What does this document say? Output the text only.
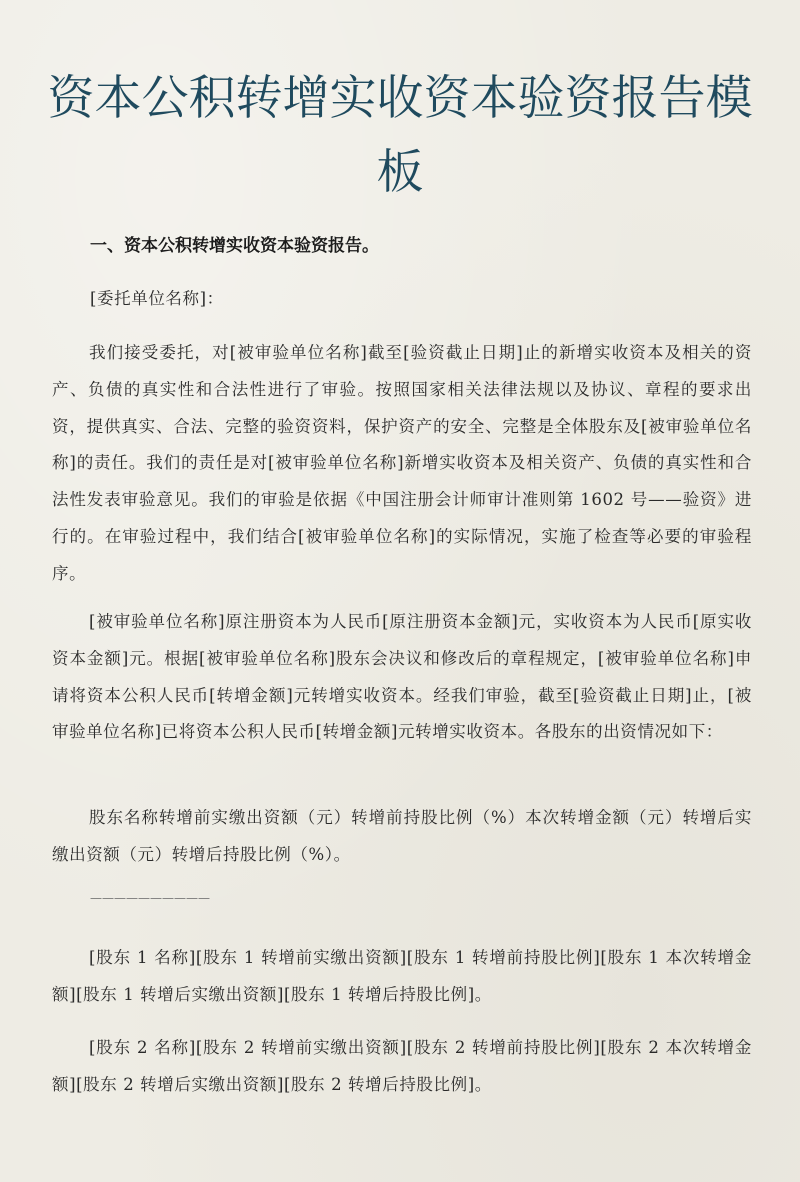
资本公积转增实收资本验资报告模板
一、资本公积转增实收资本验资报告。

[委托单位名称]：

我们接受委托，对[被审验单位名称]截至[验资截止日期]止的新增实收资本及相关的资产、负债的真实性和合法性进行了审验。按照国家相关法律法规以及协议、章程的要求出资，提供真实、合法、完整的验资资料，保护资产的安全、完整是全体股东及[被审验单位名称]的责任。我们的责任是对[被审验单位名称]新增实收资本及相关资产、负债的真实性和合法性发表审验意见。我们的审验是依据《中国注册会计师审计准则第 1602 号——验资》进行的。在审验过程中，我们结合[被审验单位名称]的实际情况，实施了检查等必要的审验程序。

[被审验单位名称]原注册资本为人民币[原注册资本金额]元，实收资本为人民币[原实收资本金额]元。根据[被审验单位名称]股东会决议和修改后的章程规定，[被审验单位名称]申请将资本公积人民币[转增金额]元转增实收资本。经我们审验，截至[验资截止日期]止，[被审验单位名称]已将资本公积人民币[转增金额]元转增实收资本。各股东的出资情况如下：

股东名称转增前实缴出资额（元）转增前持股比例（%）本次转增金额（元）转增后实缴出资额（元）转增后持股比例（%）。

——————————

[股东 1 名称][股东 1 转增前实缴出资额][股东 1 转增前持股比例][股东 1 本次转增金额][股东 1 转增后实缴出资额][股东 1 转增后持股比例]。

[股东 2 名称][股东 2 转增前实缴出资额][股东 2 转增前持股比例][股东 2 本次转增金额][股东 2 转增后实缴出资额][股东 2 转增后持股比例]。
